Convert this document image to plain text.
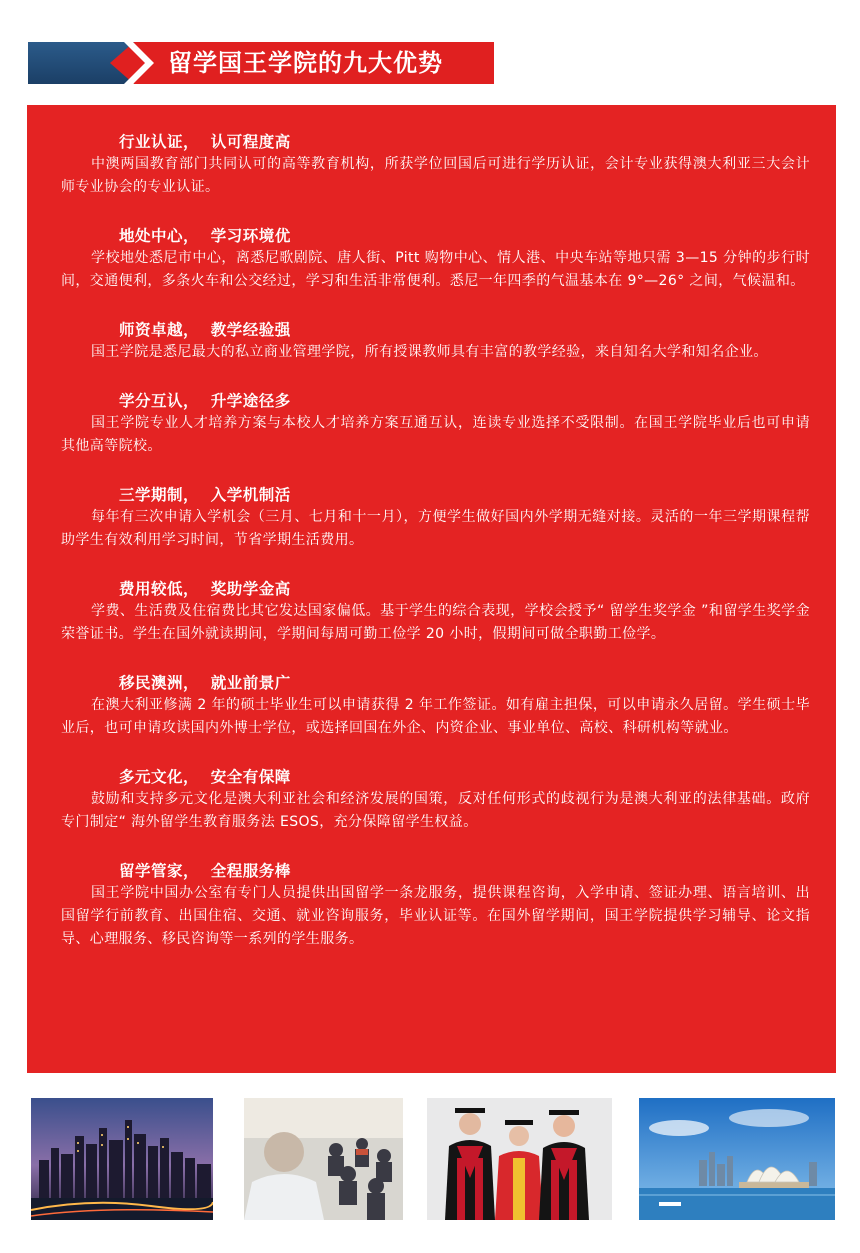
留学国王学院的九大优势
行业认证，  认可程度高
中澳两国教育部门共同认可的高等教育机构，所获学位回国后可进行学历认证，会计专业获得澳大利亚三大会计师专业协会的专业认证。
地处中心，  学习环境优
学校地处悉尼市中心，离悉尼歌剧院、唐人街、Pitt 购物中心、情人港、中央车站等地只需 3—15 分钟的步行时间，交通便利，多条火车和公交经过，学习和生活非常便利。悉尼一年四季的气温基本在 9°—26° 之间，气候温和。
师资卓越，  教学经验强
国王学院是悉尼最大的私立商业管理学院，所有授课教师具有丰富的教学经验，来自知名大学和知名企业。
学分互认，  升学途径多
国王学院专业人才培养方案与本校人才培养方案互通互认，连读专业选择不受限制。在国王学院毕业后也可申请其他高等院校。
三学期制，  入学机制活
每年有三次申请入学机会（三月、七月和十一月），方便学生做好国内外学期无缝对接。灵活的一年三学期课程帮助学生有效利用学习时间，节省学期生活费用。
费用较低，  奖助学金高
学费、生活费及住宿费比其它发达国家偏低。基于学生的综合表现，学校会授予“ 留学生奖学金 ”和留学生奖学金荣誉证书。学生在国外就读期间，学期间每周可勤工俭学 20 小时，假期间可做全职勤工俭学。
移民澳洲，  就业前景广
在澳大利亚修满 2 年的硕士毕业生可以申请获得 2 年工作签证。如有雇主担保，可以申请永久居留。学生硕士毕业后，也可申请攻读国内外博士学位，或选择回国在外企、内资企业、事业单位、高校、科研机构等就业。
多元文化，  安全有保障
鼓励和支持多元文化是澳大利亚社会和经济发展的国策，反对任何形式的歧视行为是澳大利亚的法律基础。政府专门制定“ 海外留学生教育服务法 ESOS，充分保障留学生权益。
留学管家，  全程服务棒
国王学院中国办公室有专门人员提供出国留学一条龙服务，提供课程咨询，入学申请、签证办理、语言培训、出国留学行前教育、出国住宿、交通、就业咨询服务，毕业认证等。在国外留学期间，国王学院提供学习辅导、论文指导、心理服务、移民咨询等一系列的学生服务。
